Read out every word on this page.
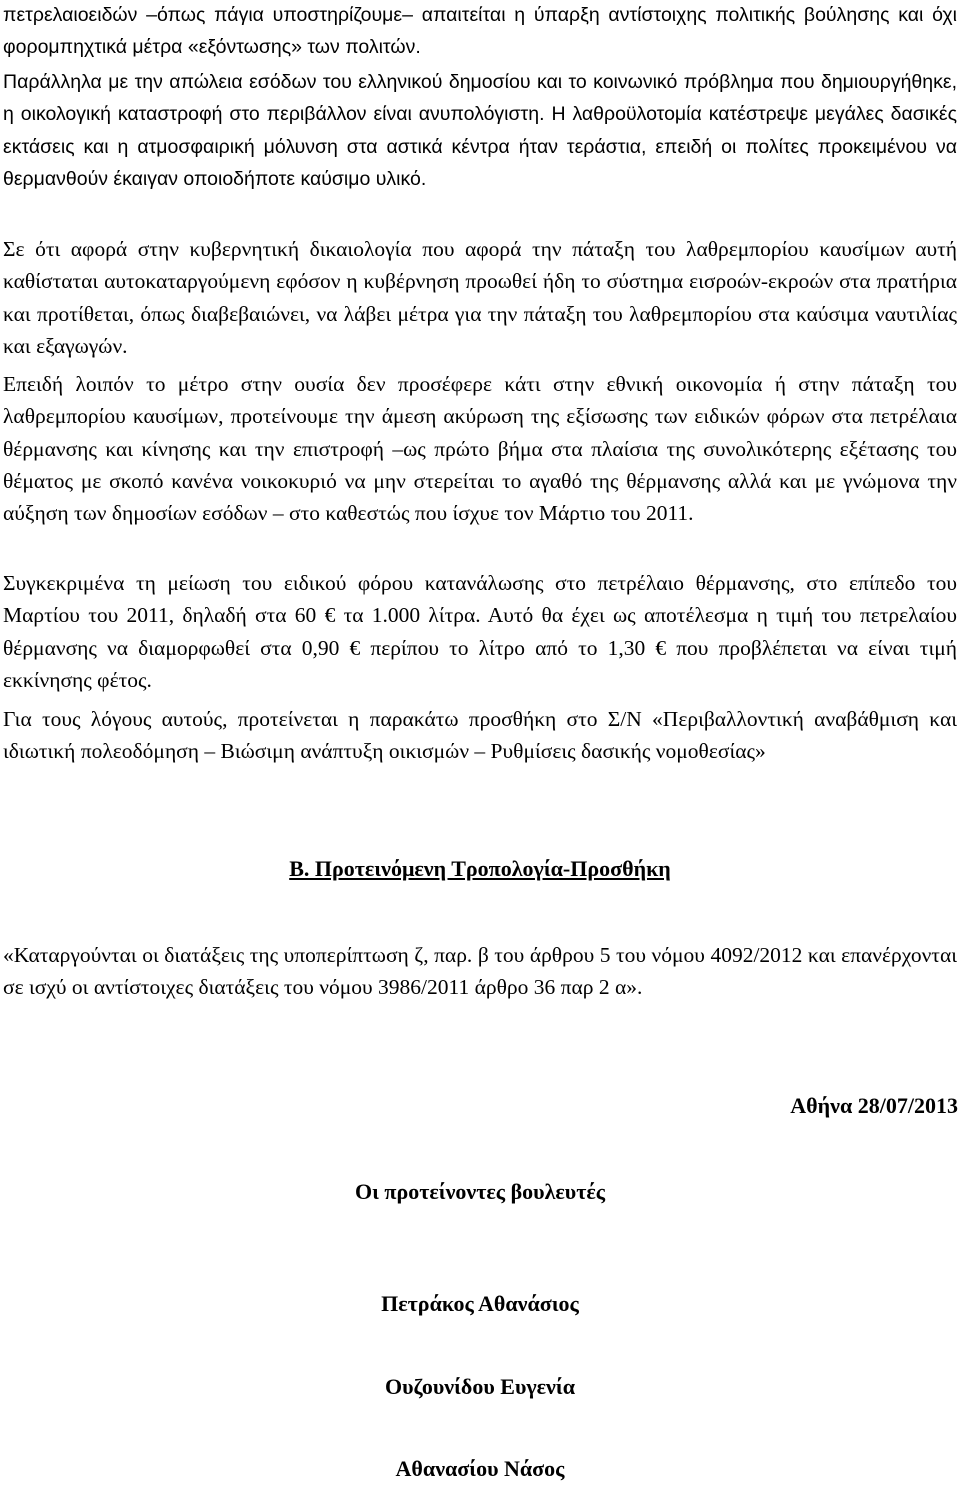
πετρελαιοειδών –όπως πάγια υποστηρίζουμε– απαιτείται η ύπαρξη αντίστοιχης πολιτικής βούλησης και όχι φορομπηχτικά μέτρα «εξόντωσης» των πολιτών.

Παράλληλα με την απώλεια εσόδων του ελληνικού δημοσίου και το κοινωνικό πρόβλημα που δημιουργήθηκε, η οικολογική καταστροφή στο περιβάλλον είναι ανυπολόγιστη. Η λαθροϋλοτομία κατέστρεψε μεγάλες δασικές εκτάσεις και η ατμοσφαιρική μόλυνση στα αστικά κέντρα ήταν τεράστια, επειδή οι πολίτες προκειμένου να θερμανθούν έκαιγαν οποιοδήποτε καύσιμο υλικό.

Σε ότι αφορά στην κυβερνητική δικαιολογία που αφορά την πάταξη του λαθρεμπορίου καυσίμων αυτή καθίσταται αυτοκαταργούμενη εφόσον η κυβέρνηση προωθεί ήδη το σύστημα εισροών-εκροών στα πρατήρια και προτίθεται, όπως διαβεβαιώνει, να λάβει μέτρα για την πάταξη του λαθρεμπορίου στα καύσιμα ναυτιλίας και εξαγωγών.

Επειδή λοιπόν το μέτρο στην ουσία δεν προσέφερε κάτι στην εθνική οικονομία ή στην πάταξη του λαθρεμπορίου καυσίμων, προτείνουμε την άμεση ακύρωση της εξίσωσης των ειδικών φόρων στα πετρέλαια θέρμανσης και κίνησης και την επιστροφή –ως πρώτο βήμα στα πλαίσια της συνολικότερης εξέτασης του θέματος με σκοπό κανένα νοικοκυριό να μην στερείται το αγαθό της θέρμανσης αλλά και με γνώμονα την αύξηση των δημοσίων εσόδων – στο καθεστώς που ίσχυε τον Μάρτιο του 2011.

Συγκεκριμένα τη μείωση του ειδικού φόρου κατανάλωσης στο πετρέλαιο θέρμανσης, στο επίπεδο του Μαρτίου του 2011, δηλαδή στα 60 € τα 1.000 λίτρα. Αυτό θα έχει ως αποτέλεσμα η τιμή του πετρελαίου θέρμανσης να διαμορφωθεί στα 0,90 € περίπου το λίτρο από το 1,30 € που προβλέπεται να είναι τιμή εκκίνησης φέτος.

Για τους λόγους αυτούς, προτείνεται η παρακάτω προσθήκη στο Σ/Ν «Περιβαλλοντική αναβάθμιση και ιδιωτική πολεοδόμηση – Βιώσιμη ανάπτυξη οικισμών – Ρυθμίσεις δασικής νομοθεσίας»

Β. Προτεινόμενη Τροπολογία-Προσθήκη

«Καταργούνται οι διατάξεις της υποπερίπτωση ζ, παρ. β του άρθρου 5 του νόμου 4092/2012 και επανέρχονται σε ισχύ οι αντίστοιχες διατάξεις του νόμου 3986/2011 άρθρο 36 παρ 2 α».

Αθήνα 28/07/2013

Οι προτείνοντες βουλευτές

Πετράκος Αθανάσιος

Ουζουνίδου Ευγενία

Αθανασίου Νάσος
